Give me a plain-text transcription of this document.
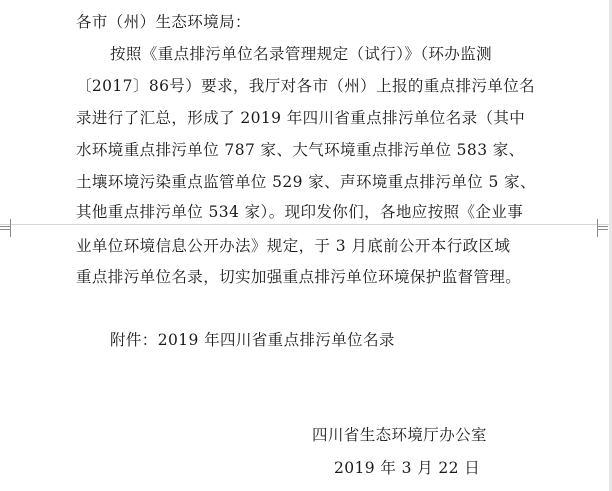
各市（州）生态环境局：
按照《重点排污单位名录管理规定（试行）》（环办监测
〔2017〕86号）要求，我厅对各市（州）上报的重点排污单位名
录进行了汇总，形成了 2019 年四川省重点排污单位名录（其中
水环境重点排污单位 787 家、大气环境重点排污单位 583 家、
土壤环境污染重点监管单位 529 家、声环境重点排污单位 5 家、
其他重点排污单位 534 家）。现印发你们，各地应按照《企业事
业单位环境信息公开办法》规定，于 3 月底前公开本行政区域
重点排污单位名录，切实加强重点排污单位环境保护监督管理。
附件：2019 年四川省重点排污单位名录
四川省生态环境厅办公室
2019 年 3 月 22 日
